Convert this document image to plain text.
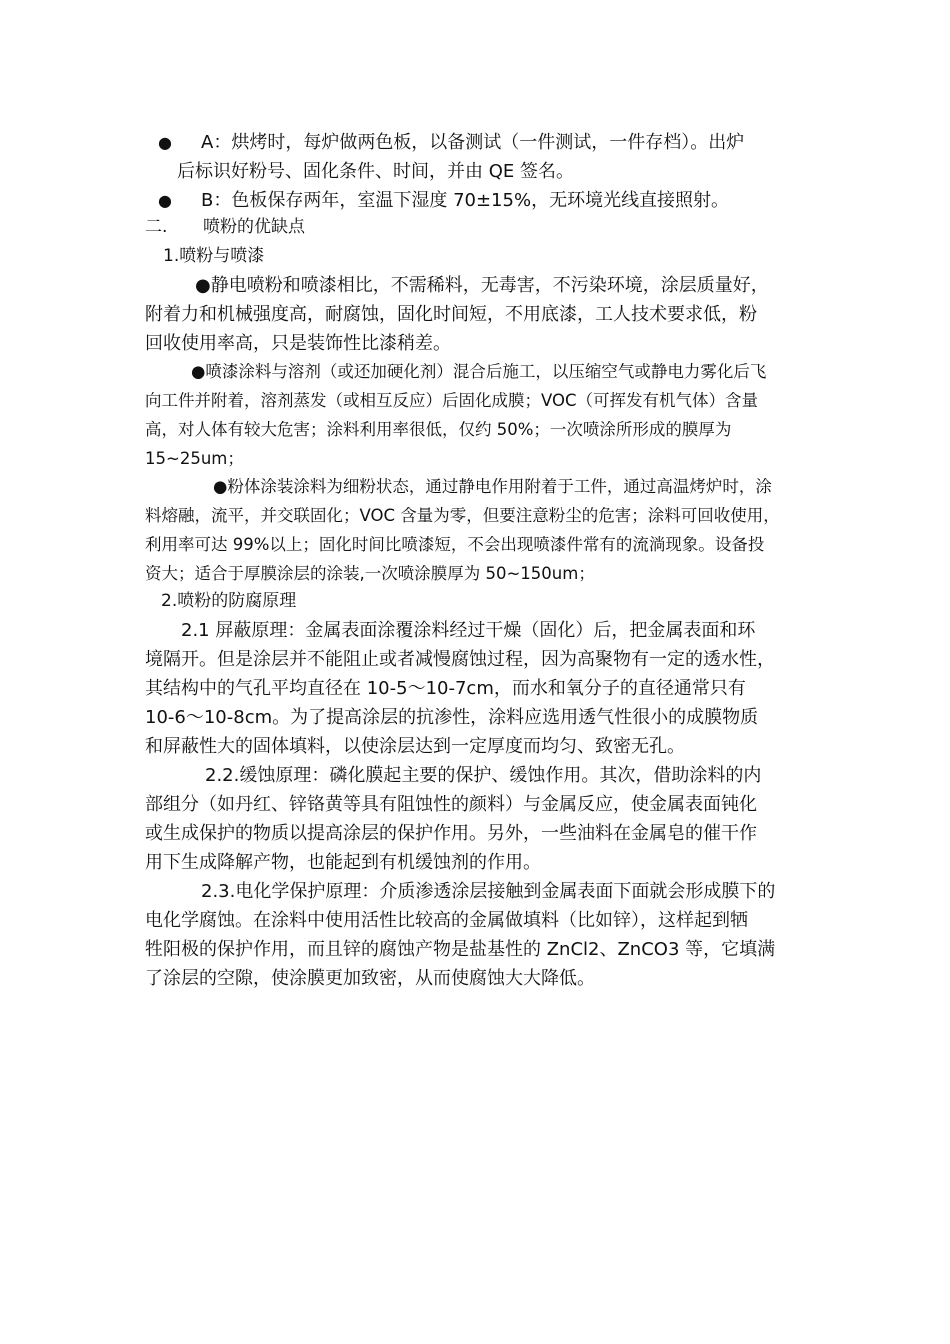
●	A：烘烤时，每炉做两色板，以备测试（一件测试，一件存档）。出炉
后标识好粉号、固化条件、时间，并由 QE 签名。
●	B：色板保存两年，室温下湿度 70±15%，无环境光线直接照射。
二. 喷粉的优缺点
1.喷粉与喷漆
●静电喷粉和喷漆相比，不需稀料，无毒害，不污染环境，涂层质量好，
附着力和机械强度高，耐腐蚀，固化时间短，不用底漆，工人技术要求低，粉
回收使用率高，只是装饰性比漆稍差。
●喷漆涂料与溶剂（或还加硬化剂）混合后施工，以压缩空气或静电力雾化后飞
向工件并附着，溶剂蒸发（或相互反应）后固化成膜；VOC（可挥发有机气体）含量
高，对人体有较大危害；涂料利用率很低，仅约 50%；一次喷涂所形成的膜厚为
15~25um；
●粉体涂装涂料为细粉状态，通过静电作用附着于工件，通过高温烤炉时，涂
料熔融，流平，并交联固化；VOC 含量为零，但要注意粉尘的危害；涂料可回收使用，
利用率可达 99%以上；固化时间比喷漆短，不会出现喷漆件常有的流淌现象。设备投
资大；适合于厚膜涂层的涂装,一次喷涂膜厚为 50~150um；
2.喷粉的防腐原理
2.1 屏蔽原理：金属表面涂覆涂料经过干燥（固化）后，把金属表面和环
境隔开。但是涂层并不能阻止或者减慢腐蚀过程，因为高聚物有一定的透水性，
其结构中的气孔平均直径在 10-5～10-7cm，而水和氧分子的直径通常只有
10-6～10-8cm。为了提高涂层的抗渗性，涂料应选用透气性很小的成膜物质
和屏蔽性大的固体填料，以使涂层达到一定厚度而均匀、致密无孔。
2.2.缓蚀原理：磷化膜起主要的保护、缓蚀作用。其次，借助涂料的内
部组分（如丹红、锌铬黄等具有阻蚀性的颜料）与金属反应，使金属表面钝化
或生成保护的物质以提高涂层的保护作用。另外，一些油料在金属皂的催干作
用下生成降解产物，也能起到有机缓蚀剂的作用。
2.3.电化学保护原理：介质渗透涂层接触到金属表面下面就会形成膜下的
电化学腐蚀。在涂料中使用活性比较高的金属做填料（比如锌），这样起到牺
牲阳极的保护作用，而且锌的腐蚀产物是盐基性的 ZnCl2、ZnCO3 等，它填满
了涂层的空隙，使涂膜更加致密，从而使腐蚀大大降低。
